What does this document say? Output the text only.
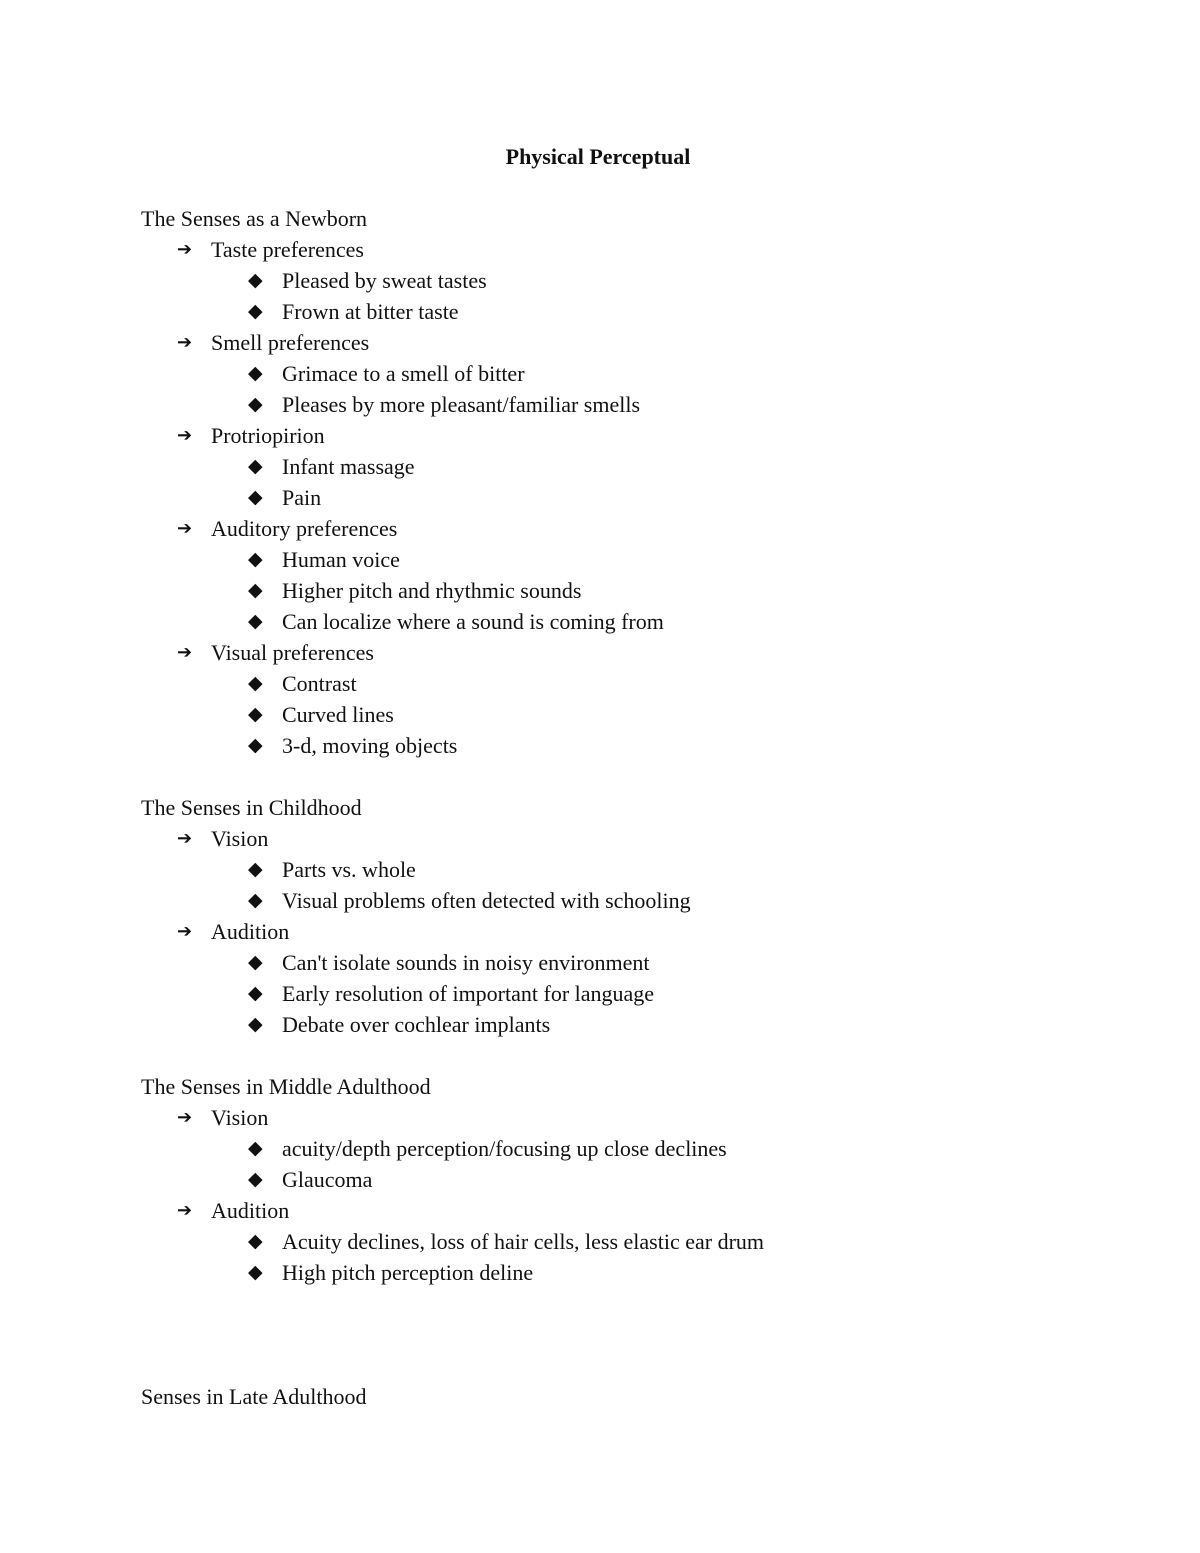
Physical Perceptual
The Senses as a Newborn
➔ Taste preferences
◆ Pleased by sweat tastes
◆ Frown at bitter taste
➔ Smell preferences
◆ Grimace to a smell of bitter
◆ Pleases by more pleasant/familiar smells
➔ Protriopirion
◆ Infant massage
◆ Pain
➔ Auditory preferences
◆ Human voice
◆ Higher pitch and rhythmic sounds
◆ Can localize where a sound is coming from
➔ Visual preferences
◆ Contrast
◆ Curved lines
◆ 3-d, moving objects
The Senses in Childhood
➔ Vision
◆ Parts vs. whole
◆ Visual problems often detected with schooling
➔ Audition
◆ Can't isolate sounds in noisy environment
◆ Early resolution of important for language
◆ Debate over cochlear implants
The Senses in Middle Adulthood
➔ Vision
◆ acuity/depth perception/focusing up close declines
◆ Glaucoma
➔ Audition
◆ Acuity declines, loss of hair cells, less elastic ear drum
◆ High pitch perception deline
Senses in Late Adulthood
